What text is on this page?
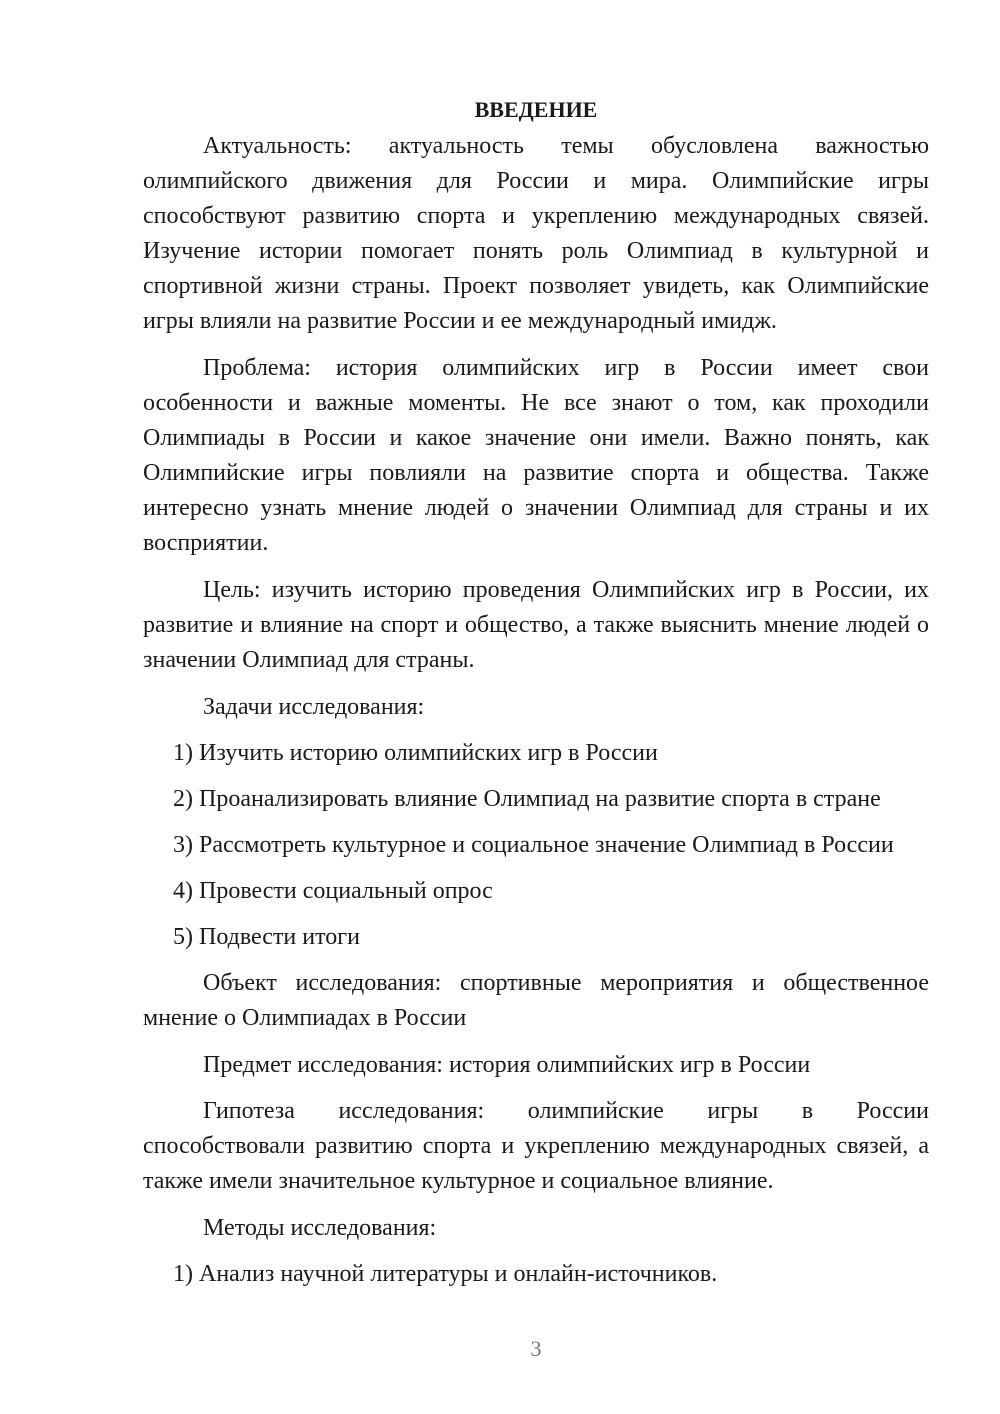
ВВЕДЕНИЕ

Актуальность: актуальность темы обусловлена важностью олимпийского движения для России и мира. Олимпийские игры способствуют развитию спорта и укреплению международных связей. Изучение истории помогает понять роль Олимпиад в культурной и спортивной жизни страны. Проект позволяет увидеть, как Олимпийские игры влияли на развитие России и ее международный имидж.

Проблема: история олимпийских игр в России имеет свои особенности и важные моменты. Не все знают о том, как проходили Олимпиады в России и какое значение они имели. Важно понять, как Олимпийские игры повлияли на развитие спорта и общества. Также интересно узнать мнение людей о значении Олимпиад для страны и их восприятии.

Цель: изучить историю проведения Олимпийских игр в России, их развитие и влияние на спорт и общество, а также выяснить мнение людей о значении Олимпиад для страны.

Задачи исследования:
1) Изучить историю олимпийских игр в России
2) Проанализировать влияние Олимпиад на развитие спорта в стране
3) Рассмотреть культурное и социальное значение Олимпиад в России
4) Провести социальный опрос
5) Подвести итоги

Объект исследования: спортивные мероприятия и общественное мнение о Олимпиадах в России

Предмет исследования: история олимпийских игр в России
Гипотеза исследования: олимпийские игры в России
способствовали развитию спорта и укреплению международных связей, а также имели значительное культурное и социальное влияние.
Методы исследования:
1) Анализ научной литературы и онлайн-источников.
3
